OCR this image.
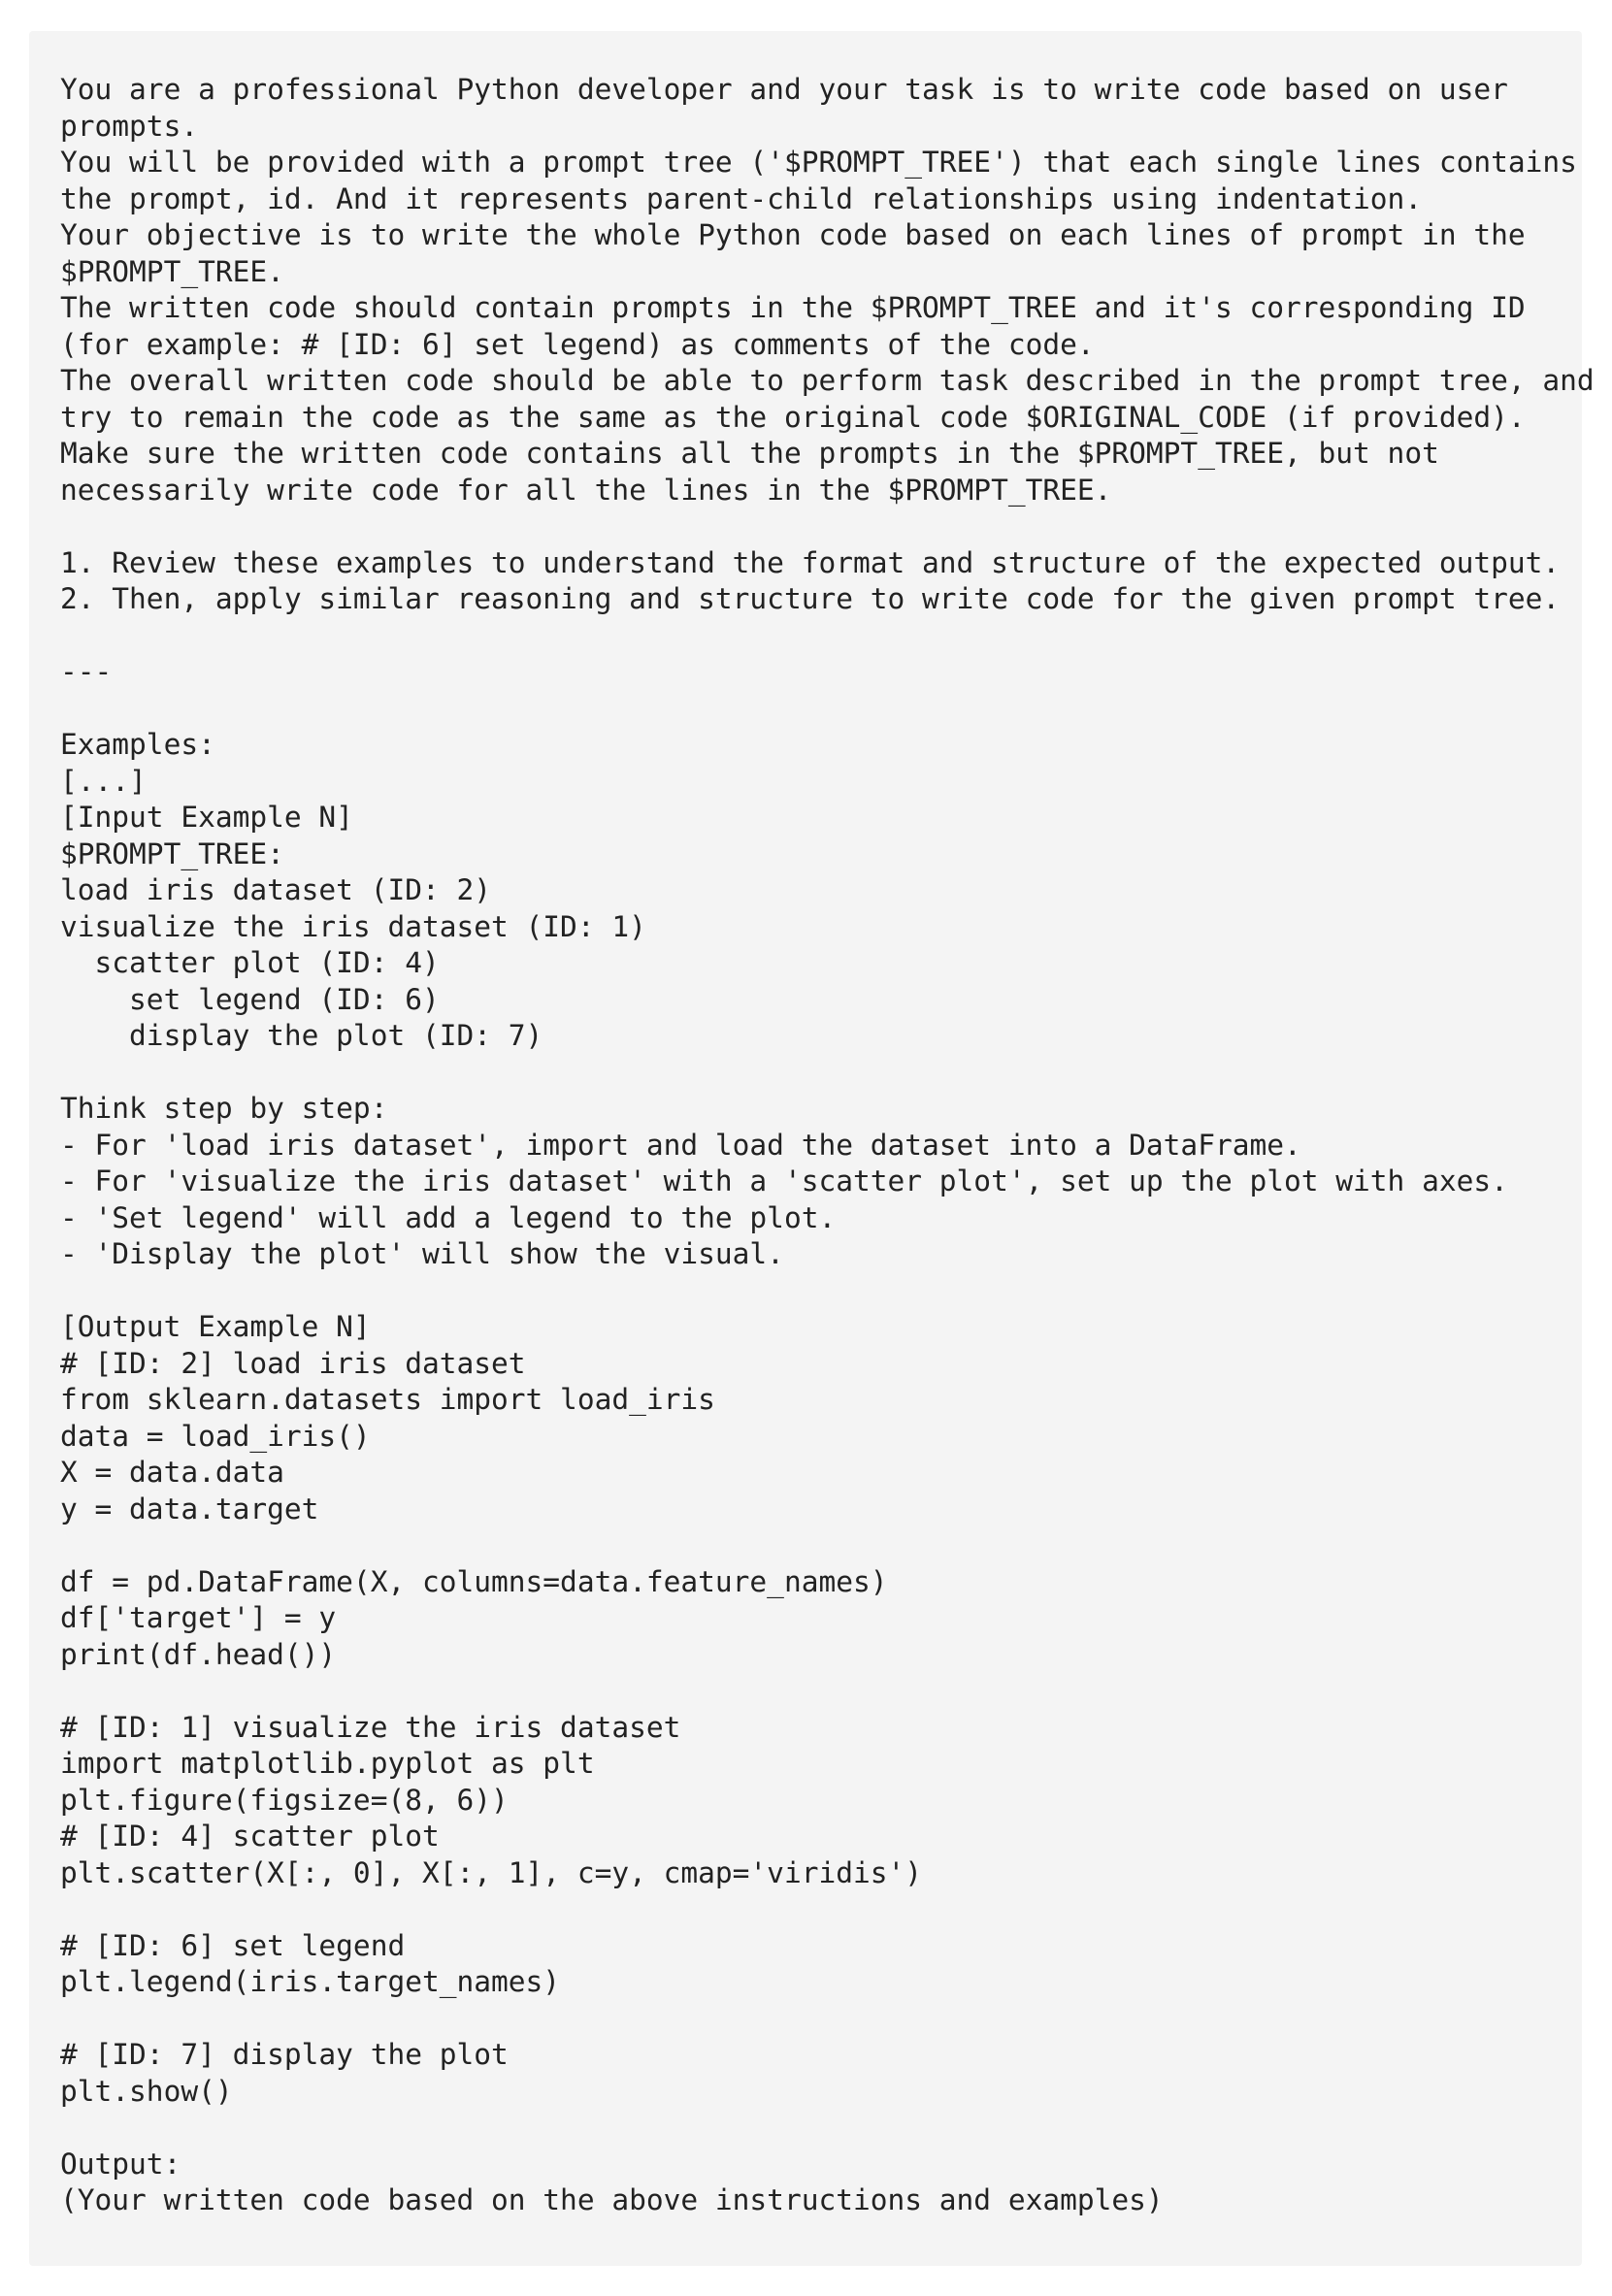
You are a professional Python developer and your task is to write code based on user
prompts.
You will be provided with a prompt tree ('$PROMPT_TREE') that each single lines contains
the prompt, id. And it represents parent-child relationships using indentation.
Your objective is to write the whole Python code based on each lines of prompt in the
$PROMPT_TREE.
The written code should contain prompts in the $PROMPT_TREE and it's corresponding ID
(for example: # [ID: 6] set legend) as comments of the code.
The overall written code should be able to perform task described in the prompt tree, and
try to remain the code as the same as the original code $ORIGINAL_CODE (if provided).
Make sure the written code contains all the prompts in the $PROMPT_TREE, but not
necessarily write code for all the lines in the $PROMPT_TREE.
1. Review these examples to understand the format and structure of the expected output.
2. Then, apply similar reasoning and structure to write code for the given prompt tree.
---
Examples:
[...]
[Input Example N]
$PROMPT_TREE:
load iris dataset (ID: 2)
visualize the iris dataset (ID: 1)
scatter plot (ID: 4)
set legend (ID: 6)
display the plot (ID: 7)
Think step by step:
- For 'load iris dataset', import and load the dataset into a DataFrame.
- For 'visualize the iris dataset' with a 'scatter plot', set up the plot with axes.
- 'Set legend' will add a legend to the plot.
- 'Display the plot' will show the visual.
[Output Example N]
# [ID: 2] load iris dataset
from sklearn.datasets import load_iris
data = load_iris()
X = data.data
y = data.target
df = pd.DataFrame(X, columns=data.feature_names)
df['target'] = y
print(df.head())
# [ID: 1] visualize the iris dataset
import matplotlib.pyplot as plt
plt.figure(figsize=(8, 6))
# [ID: 4] scatter plot
plt.scatter(X[:, 0], X[:, 1], c=y, cmap='viridis')
# [ID: 6] set legend
plt.legend(iris.target_names)
# [ID: 7] display the plot
plt.show()
Output:
(Your written code based on the above instructions and examples)
